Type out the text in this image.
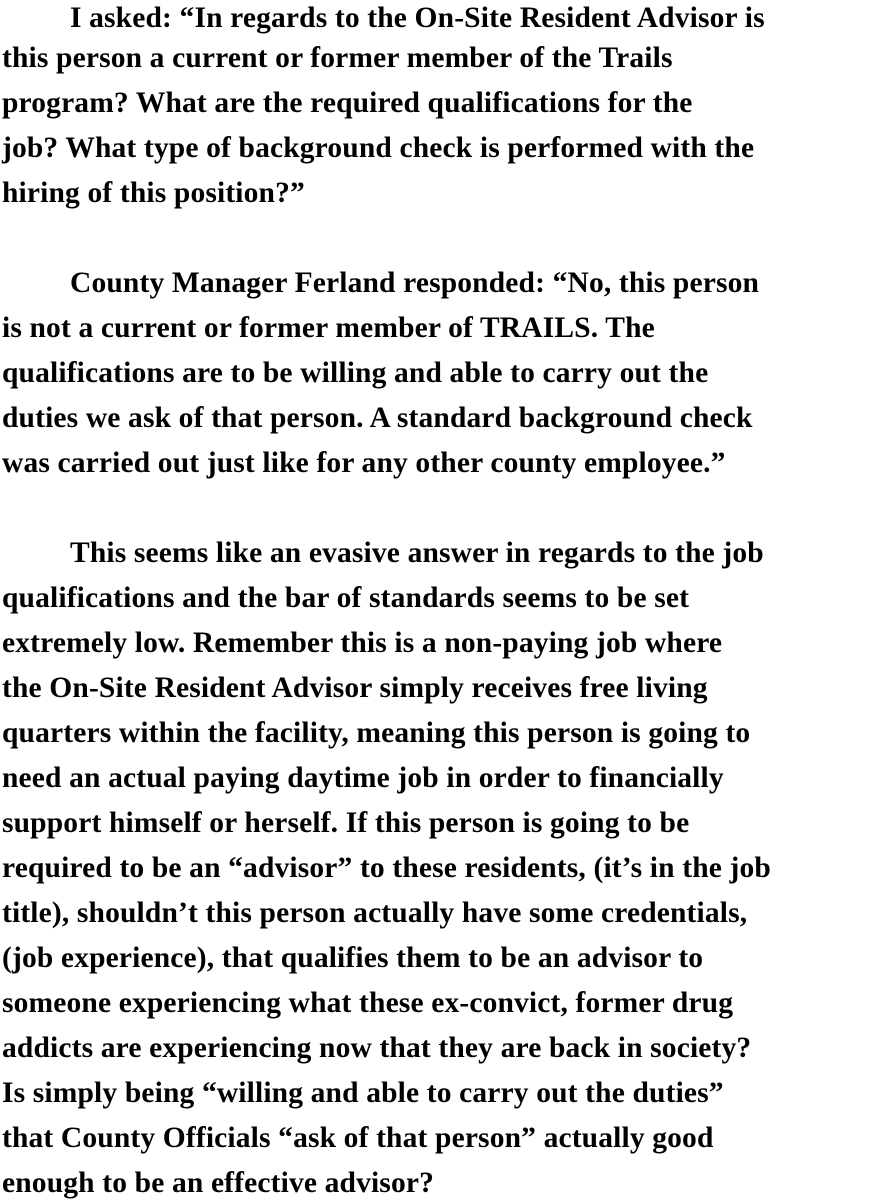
I asked: “In regards to the On-Site Resident Advisor is
this person a current or former member of the Trails
program? What are the required qualifications for the
job? What type of background check is performed with the
hiring of this position?”
County Manager Ferland responded: “No, this person
is not a current or former member of TRAILS. The
qualifications are to be willing and able to carry out the
duties we ask of that person. A standard background check
was carried out just like for any other county employee.”
This seems like an evasive answer in regards to the job
qualifications and the bar of standards seems to be set
extremely low. Remember this is a non-paying job where
the On-Site Resident Advisor simply receives free living
quarters within the facility, meaning this person is going to
need an actual paying daytime job in order to financially
support himself or herself. If this person is going to be
required to be an “advisor” to these residents, (it’s in the job
title), shouldn’t this person actually have some credentials,
(job experience), that qualifies them to be an advisor to
someone experiencing what these ex-convict, former drug
addicts are experiencing now that they are back in society?
Is simply being “willing and able to carry out the duties”
that County Officials “ask of that person” actually good
enough to be an effective advisor?
